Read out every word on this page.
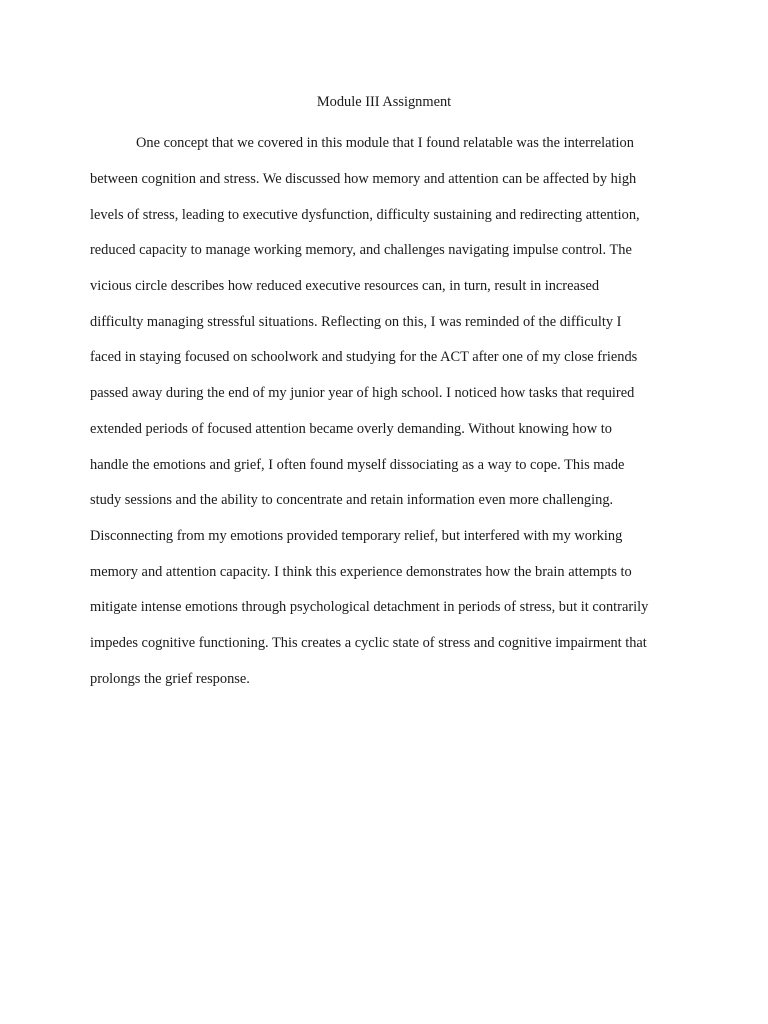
Module III Assignment
One concept that we covered in this module that I found relatable was the interrelation
between cognition and stress. We discussed how memory and attention can be affected by high
levels of stress, leading to executive dysfunction, difficulty sustaining and redirecting attention,
reduced capacity to manage working memory, and challenges navigating impulse control. The
vicious circle describes how reduced executive resources can, in turn, result in increased
difficulty managing stressful situations. Reflecting on this, I was reminded of the difficulty I
faced in staying focused on schoolwork and studying for the ACT after one of my close friends
passed away during the end of my junior year of high school. I noticed how tasks that required
extended periods of focused attention became overly demanding. Without knowing how to
handle the emotions and grief, I often found myself dissociating as a way to cope. This made
study sessions and the ability to concentrate and retain information even more challenging.
Disconnecting from my emotions provided temporary relief, but interfered with my working
memory and attention capacity. I think this experience demonstrates how the brain attempts to
mitigate intense emotions through psychological detachment in periods of stress, but it contrarily
impedes cognitive functioning. This creates a cyclic state of stress and cognitive impairment that
prolongs the grief response.
